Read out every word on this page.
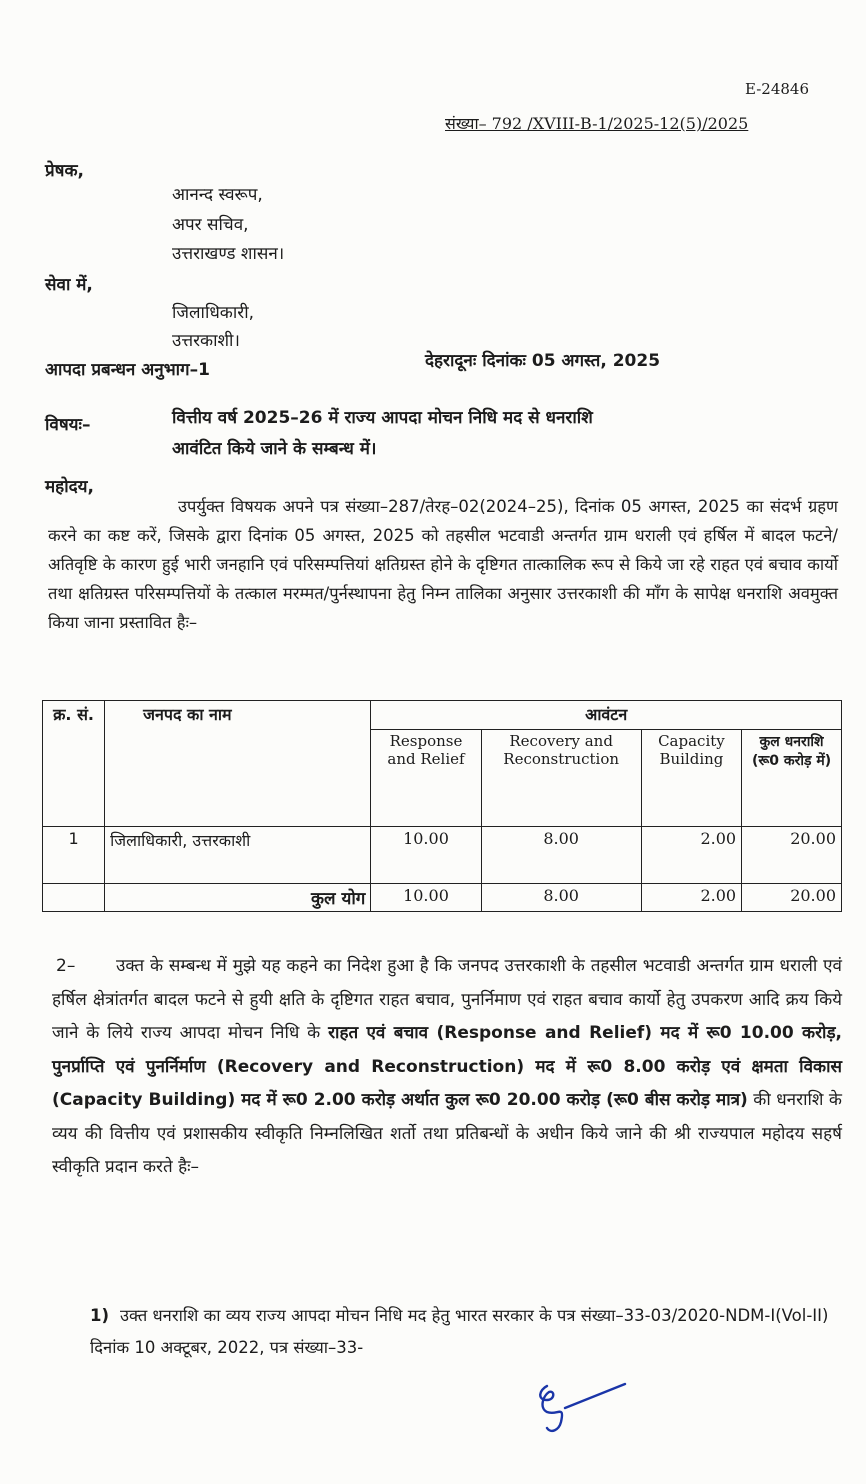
E-24846
संख्या– 792 /XVIII-B-1/2025-12(5)/2025
प्रेषक,
आनन्द स्वरूप,
अपर सचिव,
उत्तराखण्ड शासन।
सेवा में,
जिलाधिकारी,
उत्तरकाशी।
आपदा प्रबन्धन अनुभाग–1	देहरादूनः दिनांकः 05 अगस्त, 2025
विषयः–	वित्तीय वर्ष 2025–26 में राज्य आपदा मोचन निधि मद से धनराशि
आवंटित किये जाने के सम्बन्ध में।
महोदय,
उपर्युक्त विषयक अपने पत्र संख्या–287/तेरह–02(2024–25), दिनांक 05 अगस्त, 2025 का संदर्भ ग्रहण करने का कष्ट करें, जिसके द्वारा दिनांक 05 अगस्त, 2025 को तहसील भटवाडी अन्तर्गत ग्राम धराली एवं हर्षिल में बादल फटने/अतिवृष्टि के कारण हुई भारी जनहानि एवं परिसम्पत्तियां क्षतिग्रस्त होने के दृष्टिगत तात्कालिक रूप से किये जा रहे राहत एवं बचाव कार्यो तथा क्षतिग्रस्त परिसम्पत्तियों के तत्काल मरम्मत/पुर्नस्थापना हेतु निम्न तालिका अनुसार उत्तरकाशी की माँग के सापेक्ष धनराशि अवमुक्त किया जाना प्रस्तावित हैः–
क्र. सं.	जनपद का नाम	आवंटन			
		Response and Relief	Recovery and Reconstruction	Capacity Building	कुल धनराशि (रू0 करोड़ में)
1	जिलाधिकारी, उत्तरकाशी	10.00	8.00	2.00	20.00
	कुल योग	10.00	8.00	2.00	20.00
2– उक्त के सम्बन्ध में मुझे यह कहने का निदेश हुआ है कि जनपद उत्तरकाशी के तहसील भटवाडी अन्तर्गत ग्राम धराली एवं हर्षिल क्षेत्रांतर्गत बादल फटने से हुयी क्षति के दृष्टिगत राहत बचाव, पुनर्निमाण एवं राहत बचाव कार्यो हेतु उपकरण आदि क्रय किये जाने के लिये राज्य आपदा मोचन निधि के राहत एवं बचाव (Response and Relief) मद में रू0 10.00 करोड़, पुनर्प्राप्ति एवं पुनर्निर्माण (Recovery and Reconstruction) मद में रू0 8.00 करोड़ एवं क्षमता विकास (Capacity Building) मद में रू0 2.00 करोड़ अर्थात कुल रू0 20.00 करोड़ (रू0 बीस करोड़ मात्र) की धनराशि के व्यय की वित्तीय एवं प्रशासकीय स्वीकृति निम्नलिखित शर्तो तथा प्रतिबन्धों के अधीन किये जाने की श्री राज्यपाल महोदय सहर्ष स्वीकृति प्रदान करते हैः–
1) उक्त धनराशि का व्यय राज्य आपदा मोचन निधि मद हेतु भारत सरकार के पत्र संख्या–33-03/2020-NDM-I(Vol-II) दिनांक 10 अक्टूबर, 2022, पत्र संख्या–33-
